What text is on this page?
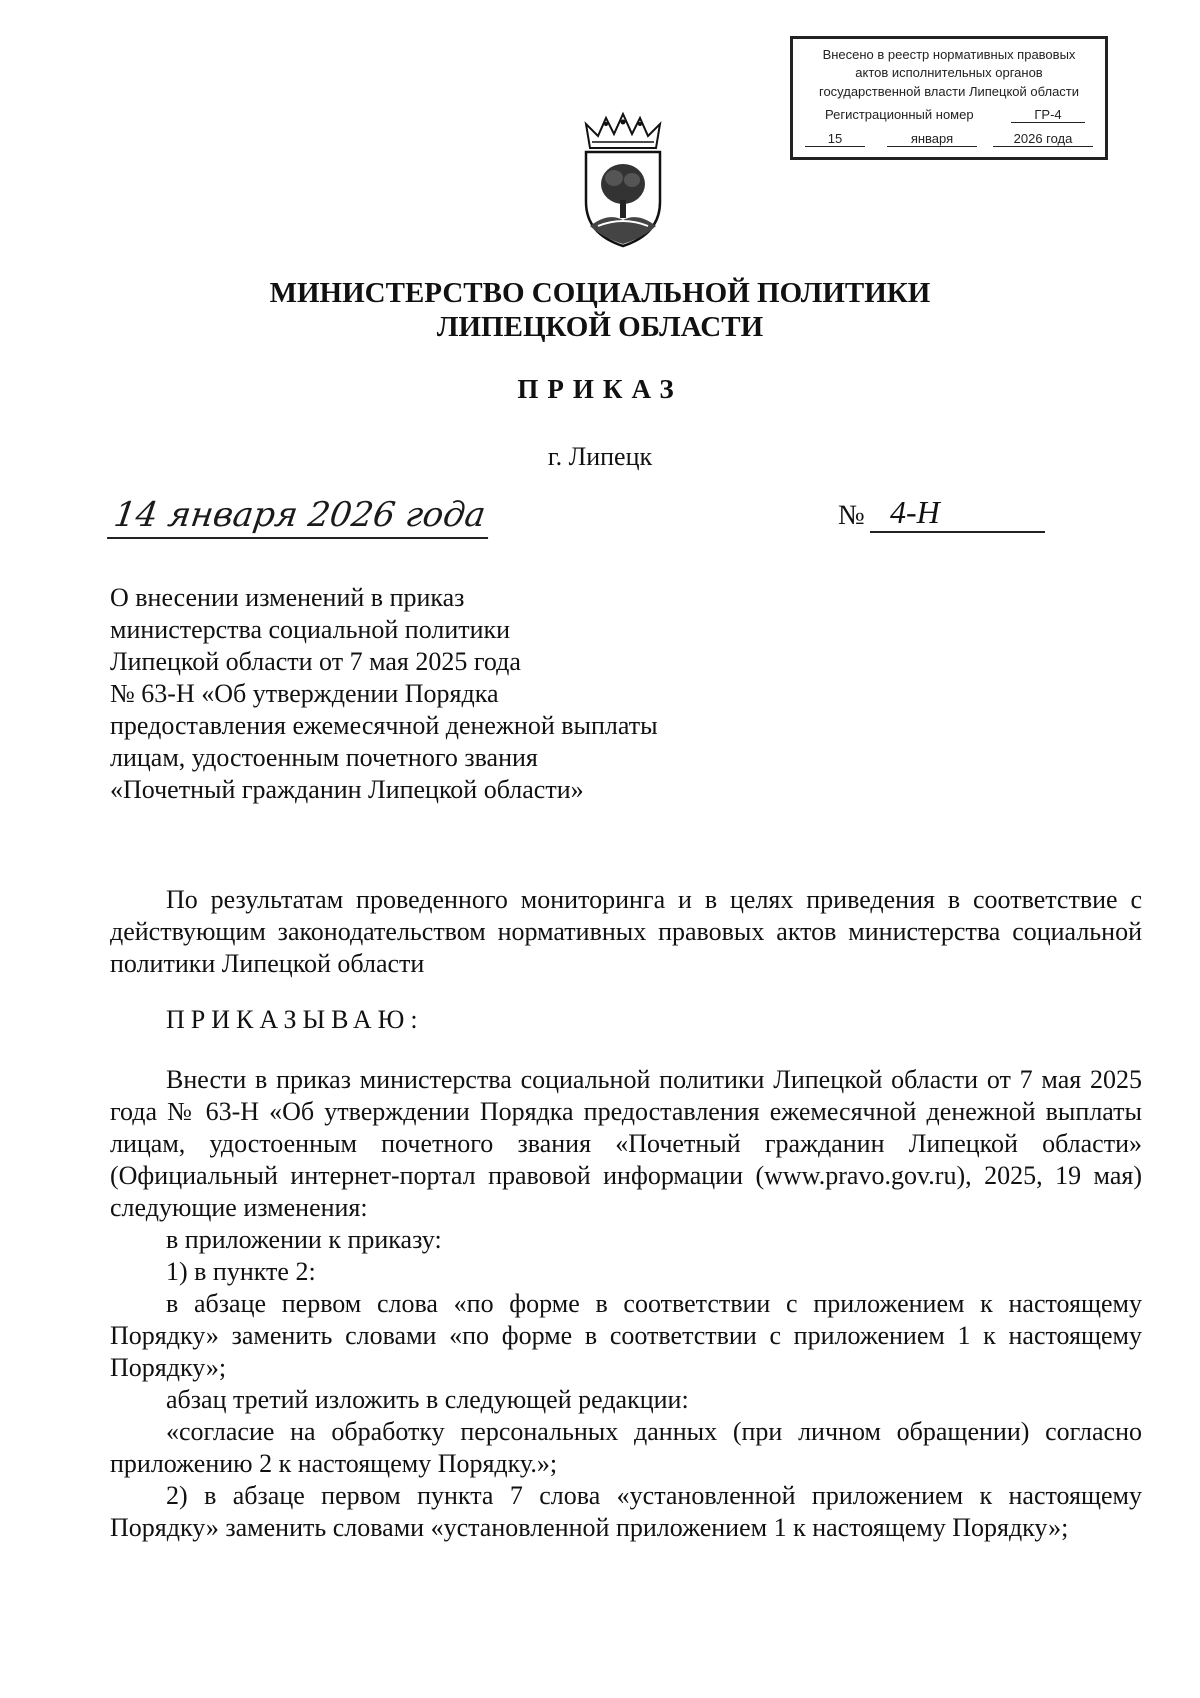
Внесено в реестр нормативных правовых
актов исполнительных органов
государственной власти Липецкой области
Регистрационный номер	ГР-4
15	января	2026 года
МИНИСТЕРСТВО СОЦИАЛЬНОЙ ПОЛИТИКИ
ЛИПЕЦКОЙ ОБЛАСТИ
ПРИКАЗ
г. Липецк
14 января 2026 года	№ 4-Н
О внесении изменений в приказ
министерства социальной политики
Липецкой области от 7 мая 2025 года
№ 63-Н «Об утверждении Порядка
предоставления ежемесячной денежной выплаты
лицам, удостоенным почетного звания
«Почетный гражданин Липецкой области»
По результатам проведенного мониторинга и в целях приведения в соответствие с действующим законодательством нормативных правовых актов министерства социальной политики Липецкой области
ПРИКАЗЫВАЮ:
Внести в приказ министерства социальной политики Липецкой области от 7 мая 2025 года № 63-Н «Об утверждении Порядка предоставления ежемесячной денежной выплаты лицам, удостоенным почетного звания «Почетный гражданин Липецкой области» (Официальный интернет-портал правовой информации (www.pravo.gov.ru), 2025, 19 мая) следующие изменения:
в приложении к приказу:
1) в пункте 2:
в абзаце первом слова «по форме в соответствии с приложением к настоящему Порядку» заменить словами «по форме в соответствии с приложением 1 к настоящему Порядку»;
абзац третий изложить в следующей редакции:
«согласие на обработку персональных данных (при личном обращении) согласно приложению 2 к настоящему Порядку.»;
2) в абзаце первом пункта 7 слова «установленной приложением к настоящему Порядку» заменить словами «установленной приложением 1 к настоящему Порядку»;
